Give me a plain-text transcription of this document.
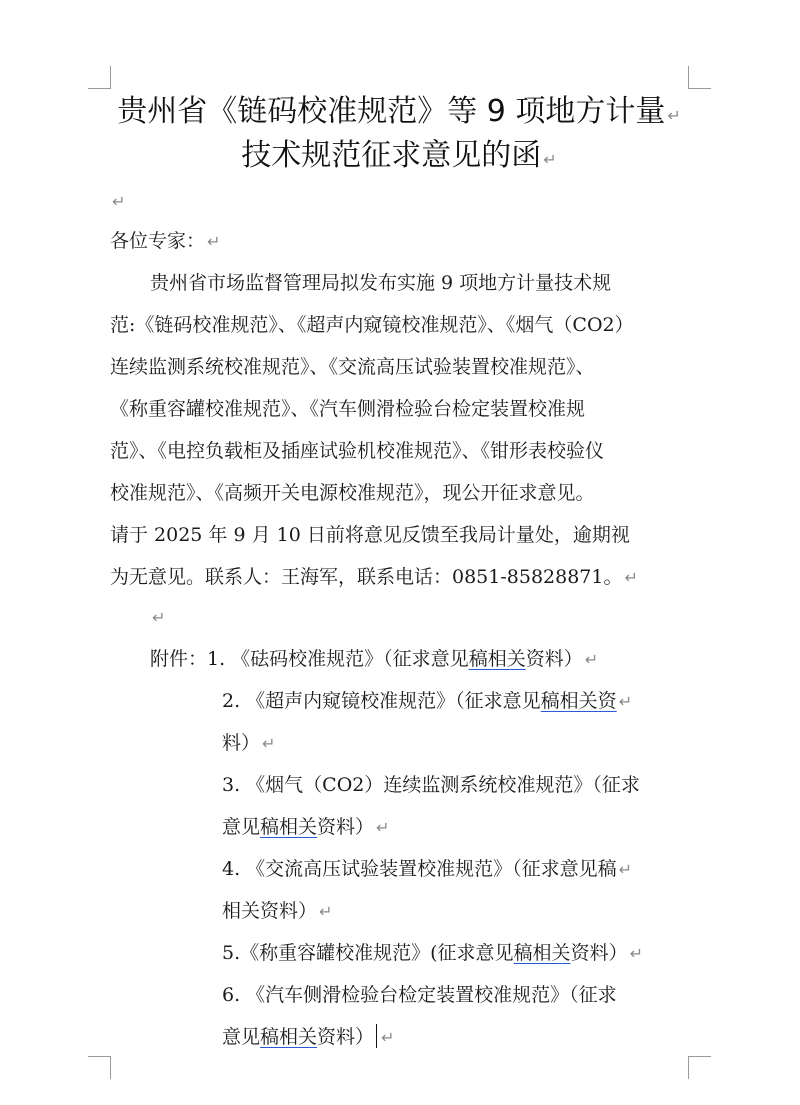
贵州省《链码校准规范》等 9 项地方计量 ↵
技术规范征求意见的函 ↵
↵
各位专家： ↵
贵州省市场监督管理局拟发布实施 9 项地方计量技术规
范:《链码校准规范》、《超声内窥镜校准规范》、《烟气（CO2）
连续监测系统校准规范》、《交流高压试验装置校准规范》、
《称重容罐校准规范》、《汽车侧滑检验台检定装置校准规
范》、《电控负载柜及插座试验机校准规范》、《钳形表校验仪
校准规范》、《高频开关电源校准规范》，现公开征求意见。
请于 2025 年 9 月 10 日前将意见反馈至我局计量处，逾期视
为无意见。联系人：王海军，联系电话：0851-85828871。 ↵
↵
附件：1. 《砝码校准规范》（征求意见稿相关资料） ↵
2. 《超声内窥镜校准规范》（征求意见稿相关资 ↵
料） ↵
3. 《烟气（CO2）连续监测系统校准规范》（征求
意见稿相关资料） ↵
4. 《交流高压试验装置校准规范》（征求意见稿 ↵
相关资料） ↵
5.《称重容罐校准规范》(征求意见稿相关资料） ↵
6. 《汽车侧滑检验台检定装置校准规范》（征求
意见稿相关资料） ↵
